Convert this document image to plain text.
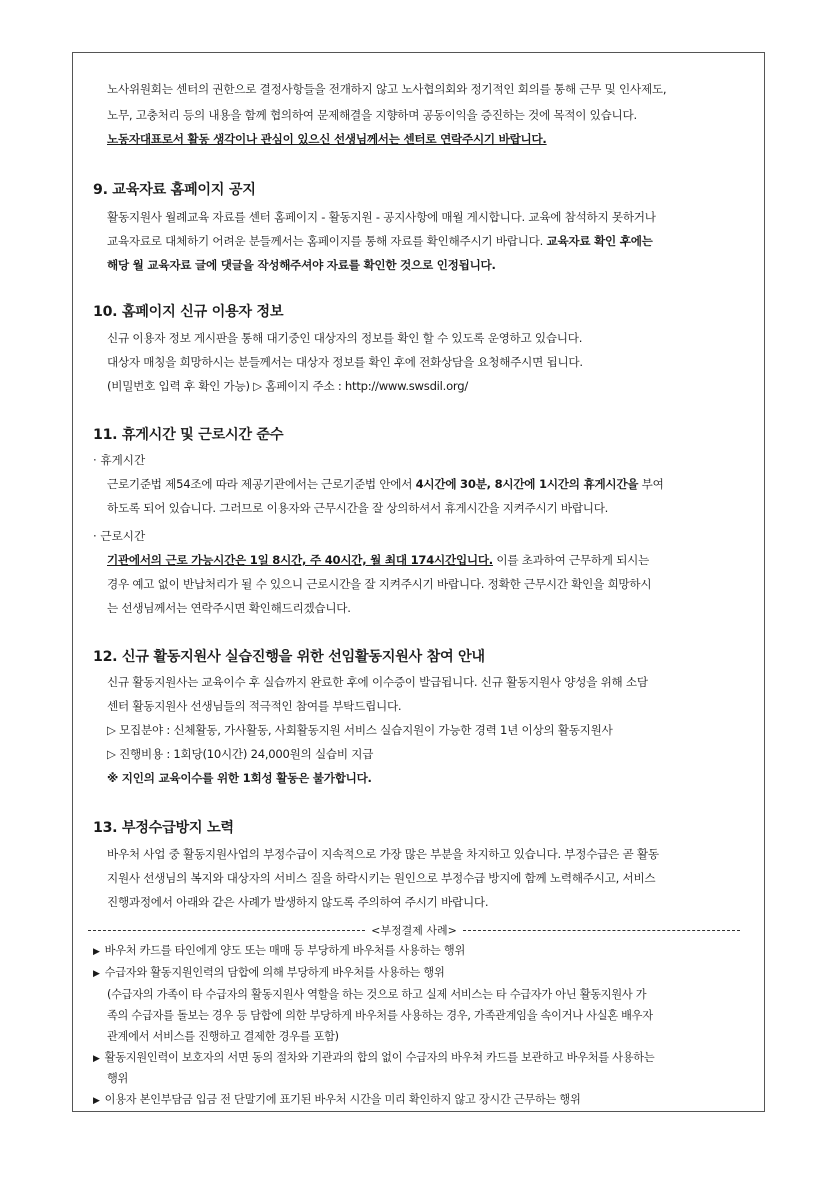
노사위원회는 센터의 권한으로 결정사항들을 전개하지 않고 노사협의회와 정기적인 회의를 통해 근무 및 인사제도,
노무, 고충처리 등의 내용을 함께 협의하여 문제해결을 지향하며 공동이익을 증진하는 것에 목적이 있습니다.
노동자대표로서 활동 생각이나 관심이 있으신 선생님께서는 센터로 연락주시기 바랍니다.
9. 교육자료 홈페이지 공지
활동지원사 월례교육 자료를 센터 홈페이지 - 활동지원 - 공지사항에 매월 게시합니다. 교육에 참석하지 못하거나
교육자료로 대체하기 어려운 분들께서는 홈페이지를 통해 자료를 확인해주시기 바랍니다. 교육자료 확인 후에는
해당 월 교육자료 글에 댓글을 작성해주셔야 자료를 확인한 것으로 인정됩니다.
10. 홈페이지 신규 이용자 정보
신규 이용자 정보 게시판을 통해 대기중인 대상자의 정보를 확인 할 수 있도록 운영하고 있습니다.
대상자 매칭을 희망하시는 분들께서는 대상자 정보를 확인 후에 전화상담을 요청해주시면 됩니다.
(비밀번호 입력 후 확인 가능) ▷ 홈페이지 주소 : http://www.swsdil.org/
11. 휴게시간 및 근로시간 준수
· 휴게시간
근로기준법 제54조에 따라 제공기관에서는 근로기준법 안에서 4시간에 30분, 8시간에 1시간의 휴게시간을 부여
하도록 되어 있습니다. 그러므로 이용자와 근무시간을 잘 상의하셔서 휴게시간을 지켜주시기 바랍니다.
· 근로시간
기관에서의 근로 가능시간은 1일 8시간, 주 40시간, 월 최대 174시간입니다. 이를 초과하여 근무하게 되시는
경우 예고 없이 반납처리가 될 수 있으니 근로시간을 잘 지켜주시기 바랍니다. 정확한 근무시간 확인을 희망하시
는 선생님께서는 연락주시면 확인해드리겠습니다.
12. 신규 활동지원사 실습진행을 위한 선임활동지원사 참여 안내
신규 활동지원사는 교육이수 후 실습까지 완료한 후에 이수증이 발급됩니다. 신규 활동지원사 양성을 위해 소담
센터 활동지원사 선생님들의 적극적인 참여를 부탁드립니다.
▷ 모집분야 : 신체활동, 가사활동, 사회활동지원 서비스 실습지원이 가능한 경력 1년 이상의 활동지원사
▷ 진행비용 : 1회당(10시간) 24,000원의 실습비 지급
※ 지인의 교육이수를 위한 1회성 활동은 불가합니다.
13. 부정수급방지 노력
바우처 사업 중 활동지원사업의 부정수급이 지속적으로 가장 많은 부분을 차지하고 있습니다. 부정수급은 곧 활동
지원사 선생님의 복지와 대상자의 서비스 질을 하락시키는 원인으로 부정수급 방지에 함께 노력해주시고, 서비스
진행과정에서 아래와 같은 사례가 발생하지 않도록 주의하여 주시기 바랍니다.
<부정결제 사례>
▶ 바우처 카드를 타인에게 양도 또는 매매 등 부당하게 바우처를 사용하는 행위
▶ 수급자와 활동지원인력의 담합에 의해 부당하게 바우처를 사용하는 행위
(수급자의 가족이 타 수급자의 활동지원사 역할을 하는 것으로 하고 실제 서비스는 타 수급자가 아닌 활동지원사 가
족의 수급자를 돌보는 경우 등 담합에 의한 부당하게 바우처를 사용하는 경우, 가족관계임을 속이거나 사실혼 배우자
관계에서 서비스를 진행하고 결제한 경우를 포함)
▶ 활동지원인력이 보호자의 서면 동의 절차와 기관과의 합의 없이 수급자의 바우쳐 카드를 보관하고 바우처를 사용하는
행위
▶ 이용자 본인부담금 입금 전 단말기에 표기된 바우처 시간을 미리 확인하지 않고 장시간 근무하는 행위
